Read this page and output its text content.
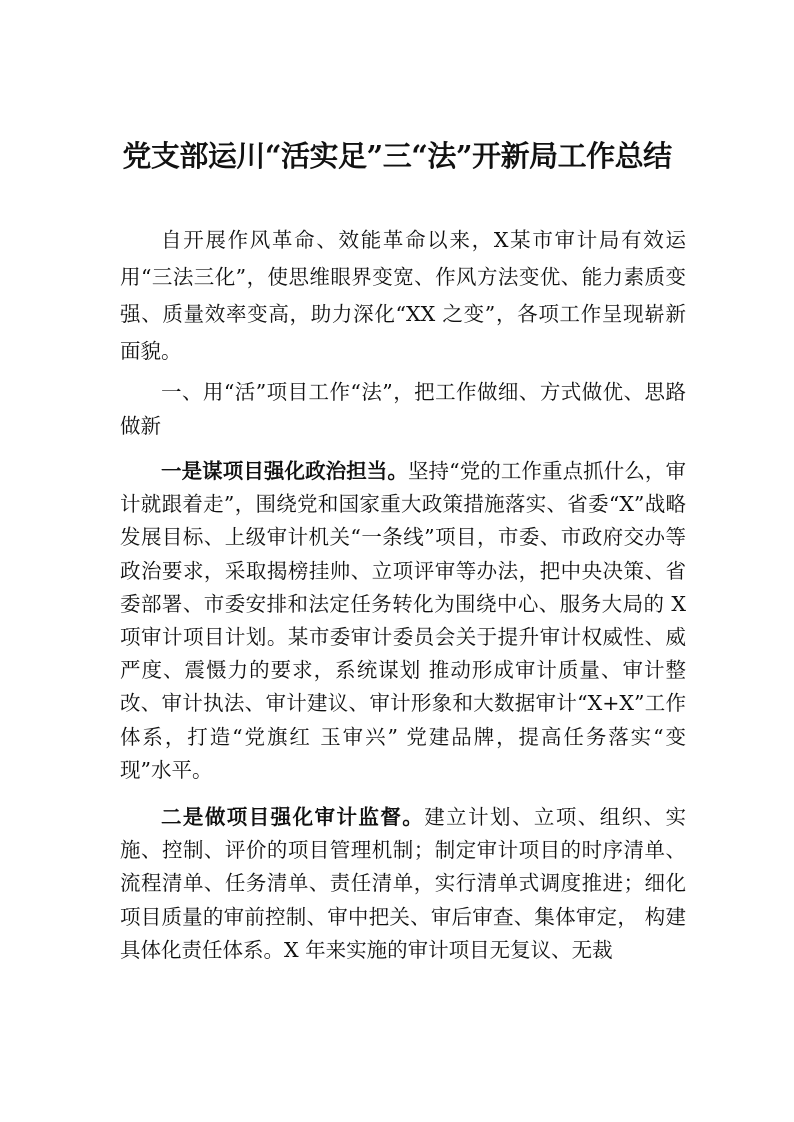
党支部运川“活实足”三“法”开新局工作总结

自开展作风革命、效能革命以来，X某市审计局有效运用“三法三化”，使思维眼界变宽、作风方法变优、能力素质变强、质量效率变高，助力深化“XX 之变”，各项工作呈现崭新面貌。

一、用“活”项目工作“法”，把工作做细、方式做优、思路做新

一是谋项目强化政治担当。坚持“党的工作重点抓什么，审计就跟着走”，围绕党和国家重大政策措施落实、省委“X”战略发展目标、上级审计机关“一条线”项目，市委、市政府交办等政治要求，采取揭榜挂帅、立项评审等办法，把中央决策、省委部署、市委安排和法定任务转化为围绕中心、服务大局的 X 项审计项目计划。某市委审计委员会关于提升审计权威性、威严度、震慑力的要求，系统谋划 推动形成审计质量、审计整改、审计执法、审计建议、审计形象和大数据审计“X+X”工作体系，打造“党旗红 玉审兴” 党建品牌，提高任务落实“变现”水平。

二是做项目强化审计监督。建立计划、立项、组织、实施、控制、评价的项目管理机制；制定审计项目的时序清单、流程清单、任务清单、责任清单，实行清单式调度推进；细化项目质量的审前控制、审中把关、审后审查、集体审定， 构建具体化责任体系。X 年来实施的审计项目无复议、无裁
